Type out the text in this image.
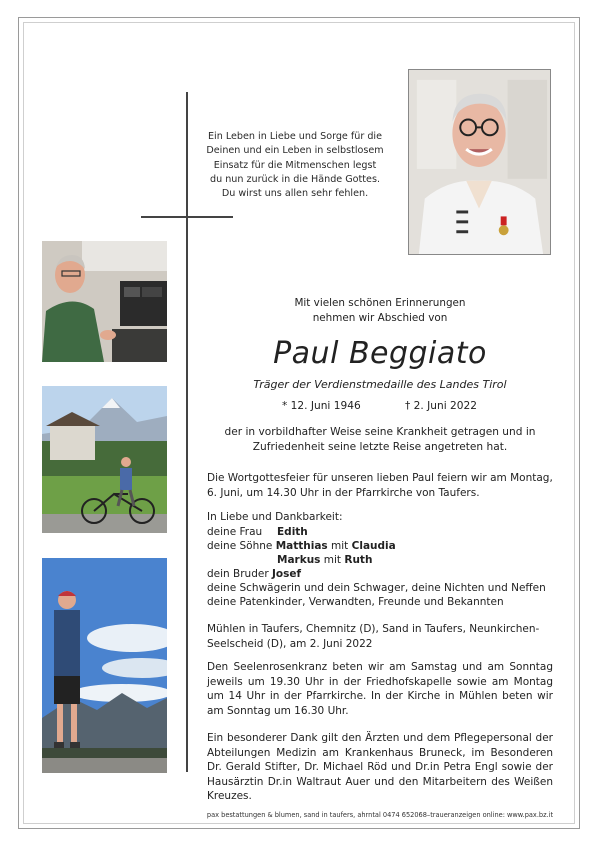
Ein Leben in Liebe und Sorge für die
Deinen und ein Leben in selbstlosem
Einsatz für die Mitmenschen legst
du nun zurück in die Hände Gottes.
Du wirst uns allen sehr fehlen.
Mit vielen schönen Erinnerungen
nehmen wir Abschied von
Paul Beggiato
Träger der Verdienstmedaille des Landes Tirol
* 12. Juni 1946	† 2. Juni 2022
der in vorbildhafter Weise seine Krankheit getragen und in
Zufriedenheit seine letzte Reise angetreten hat.
Die Wortgottesfeier für unseren lieben Paul feiern wir am Montag, 6. Juni, um 14.30 Uhr in der Pfarrkirche von Taufers.
In Liebe und Dankbarkeit:
deine Frau Edith
deine Söhne Matthias mit Claudia
Markus mit Ruth
dein Bruder Josef
deine Schwägerin und dein Schwager, deine Nichten und Neffen
deine Patenkinder, Verwandten, Freunde und Bekannten
Mühlen in Taufers, Chemnitz (D), Sand in Taufers, Neunkirchen-Seelscheid (D), am 2. Juni 2022
Den Seelenrosenkranz beten wir am Samstag und am Sonntag jeweils um 19.30 Uhr in der Friedhofskapelle sowie am Montag um 14 Uhr in der Pfarrkirche. In der Kirche in Mühlen beten wir am Sonntag um 16.30 Uhr.
Ein besonderer Dank gilt den Ärzten und dem Pflegepersonal der Abteilungen Medizin am Krankenhaus Bruneck, im Besonderen Dr. Gerald Stifter, Dr. Michael Röd und Dr.in Petra Engl sowie der Hausärztin Dr.in Waltraut Auer und den Mitarbeitern des Weißen Kreuzes.
pax bestattungen & blumen, sand in taufers, ahrntal 0474 652068–traueranzeigen online: www.pax.bz.it
